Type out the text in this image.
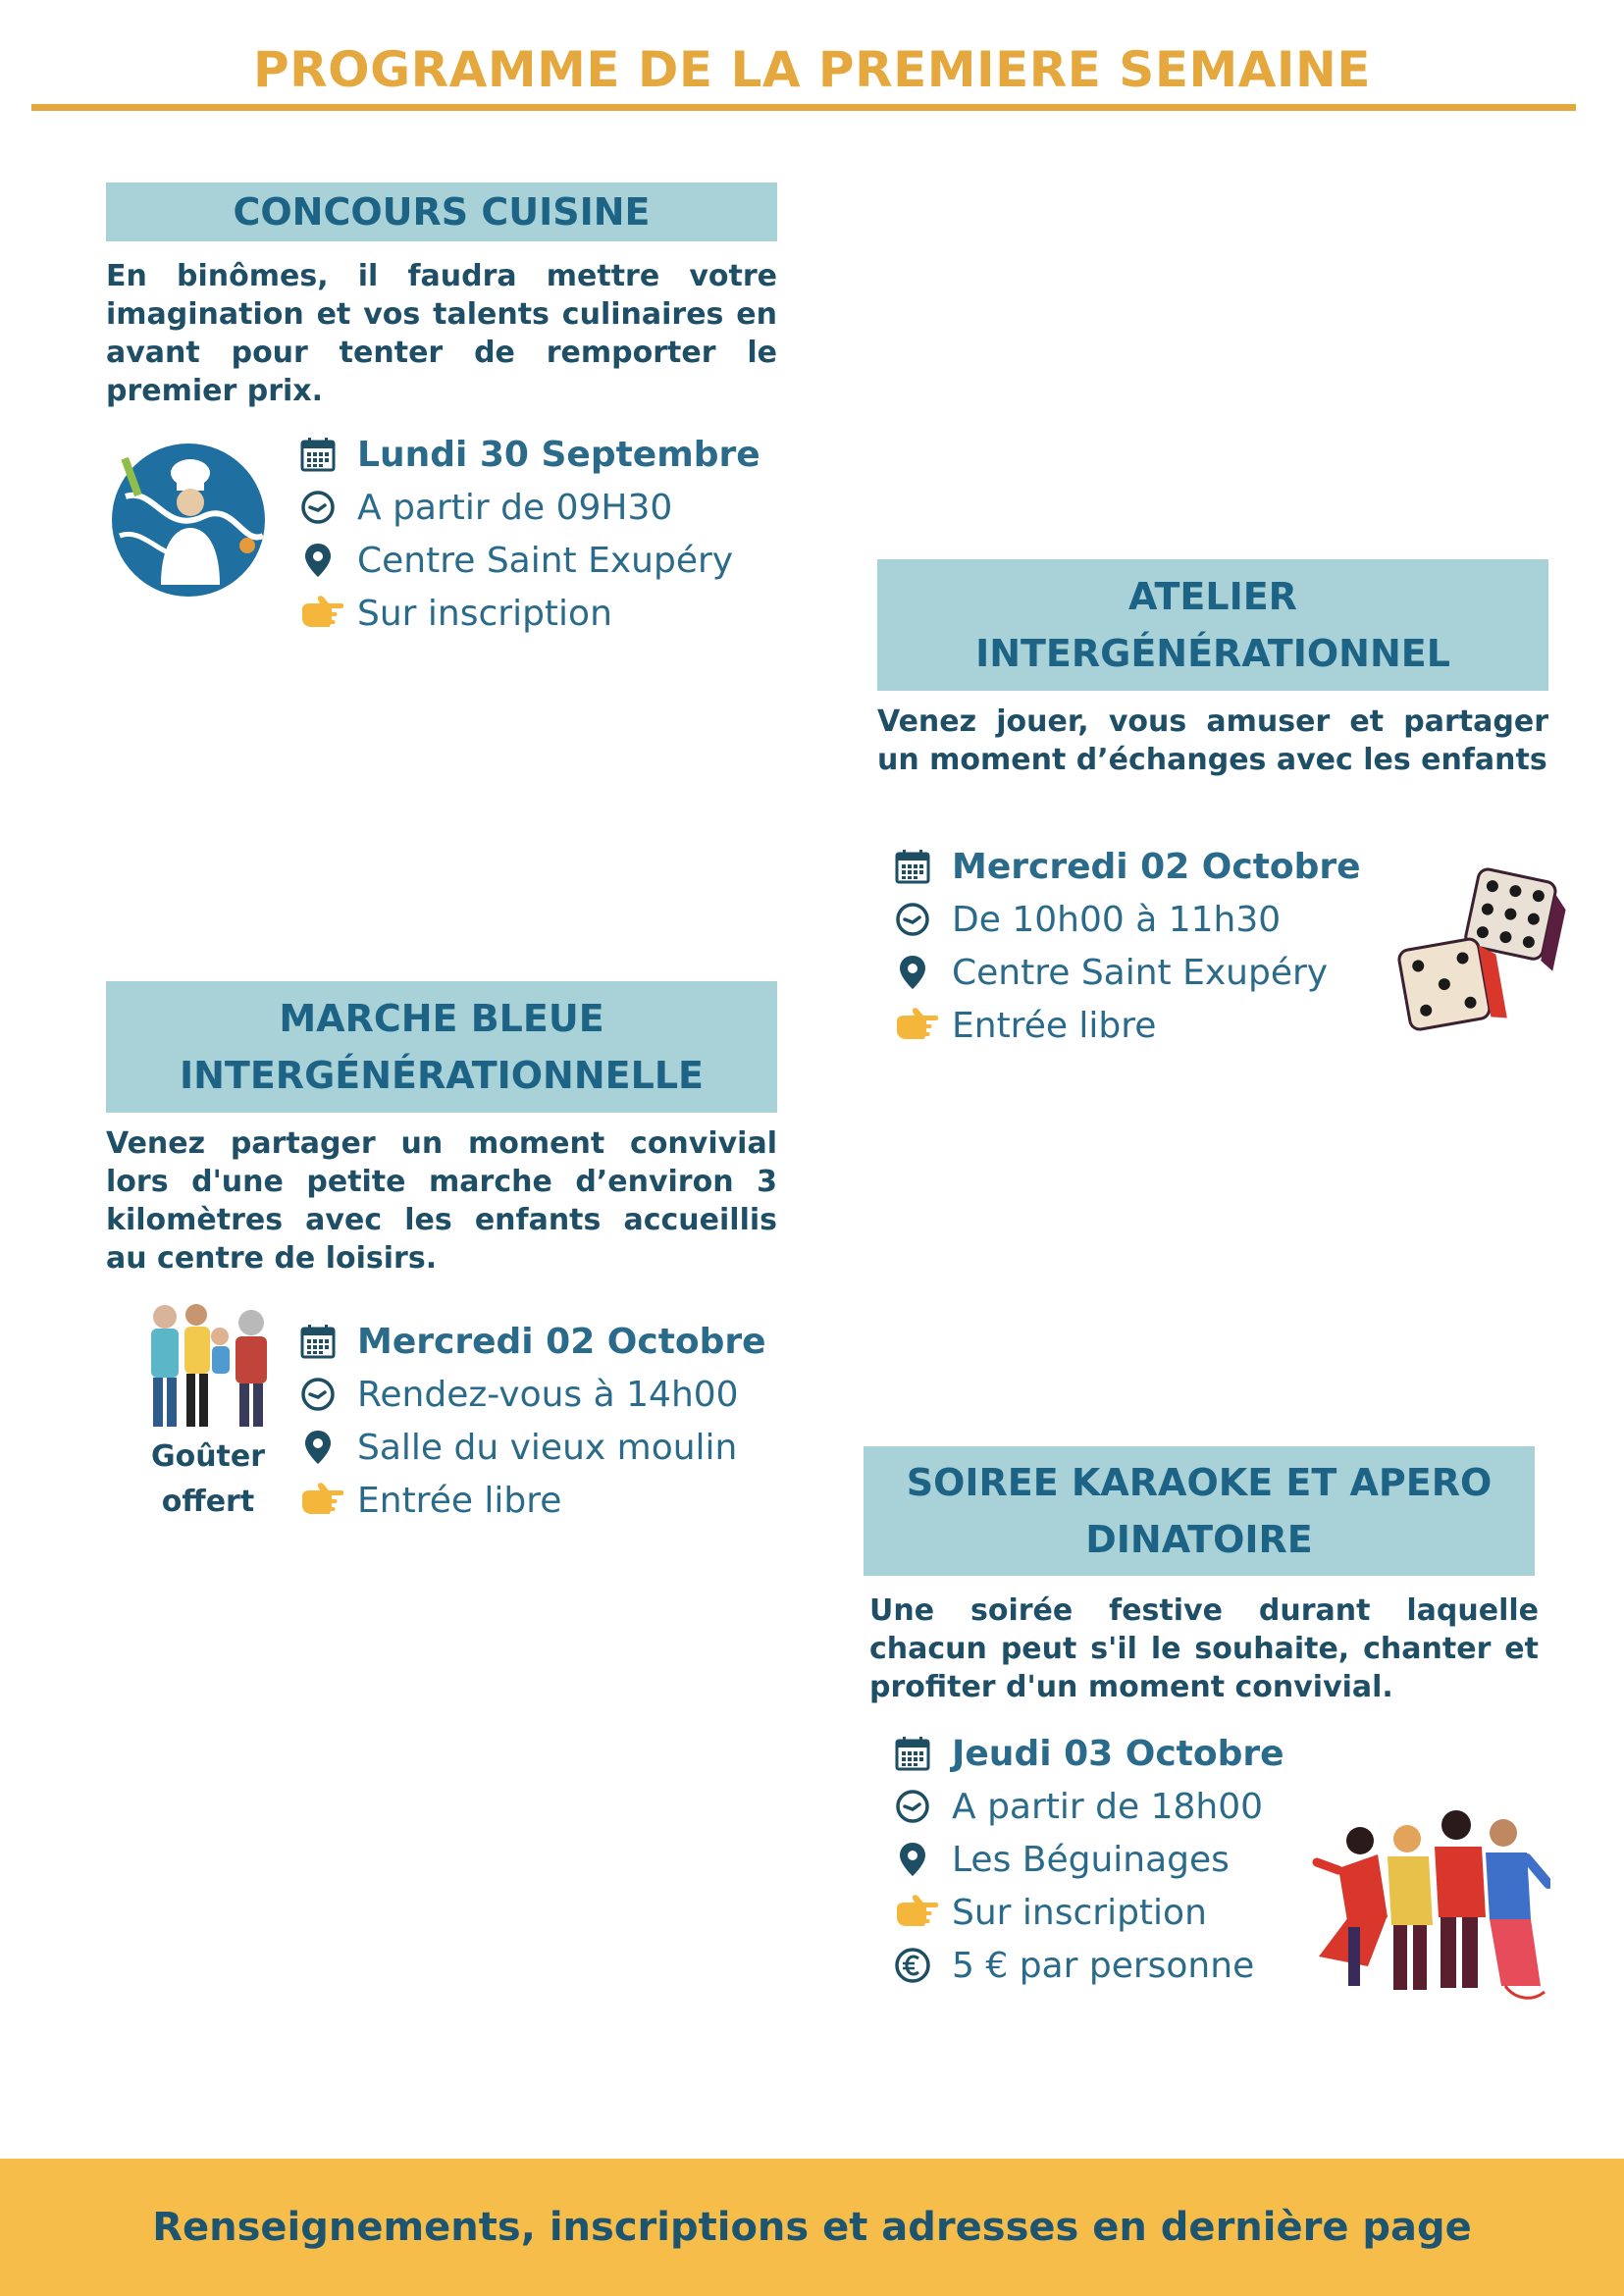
PROGRAMME DE LA PREMIERE SEMAINE
CONCOURS CUISINE
En binômes, il faudra mettre votre imagination et vos talents culinaires en avant pour tenter de remporter le premier prix.
Lundi 30 Septembre
A partir de 09H30
Centre Saint Exupéry
Sur inscription	ATELIER
INTERGÉNÉRATIONNEL
Venez jouer, vous amuser et partager un moment d’échanges avec les enfants
Mercredi 02 Octobre
De 10h00 à 11h30
Centre Saint Exupéry
Entrée libre
MARCHE BLEUE
INTERGÉNÉRATIONNELLE
Venez partager un moment convivial lors d'une petite marche d’environ 3 kilomètres avec les enfants accueillis au centre de loisirs.
Goûter
offert
Mercredi 02 Octobre
Rendez-vous à 14h00
Salle du vieux moulin
Entrée libre	SOIREE KARAOKE ET APERO
DINATOIRE
Une soirée festive durant laquelle chacun peut s'il le souhaite, chanter et profiter d'un moment convivial.
Jeudi 03 Octobre
A partir de 18h00
Les Béguinages
Sur inscription
5 € par personne
Renseignements, inscriptions et adresses en dernière page
